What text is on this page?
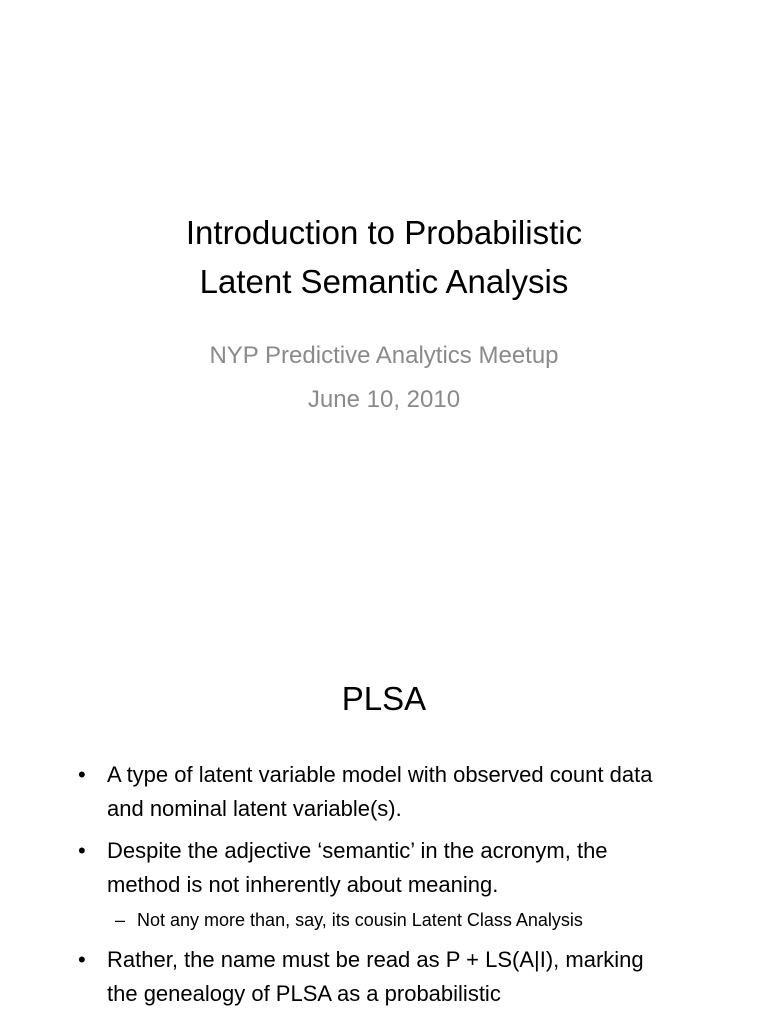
Introduction to Probabilistic
Latent Semantic Analysis
NYP Predictive Analytics Meetup
June 10, 2010
PLSA
• A type of latent variable model with observed count data and nominal latent variable(s).
• Despite the adjective ‘semantic’ in the acronym, the method is not inherently about meaning.
– Not any more than, say, its cousin Latent Class Analysis
• Rather, the name must be read as P + LS(A|I), marking the genealogy of PLSA as a probabilistic
